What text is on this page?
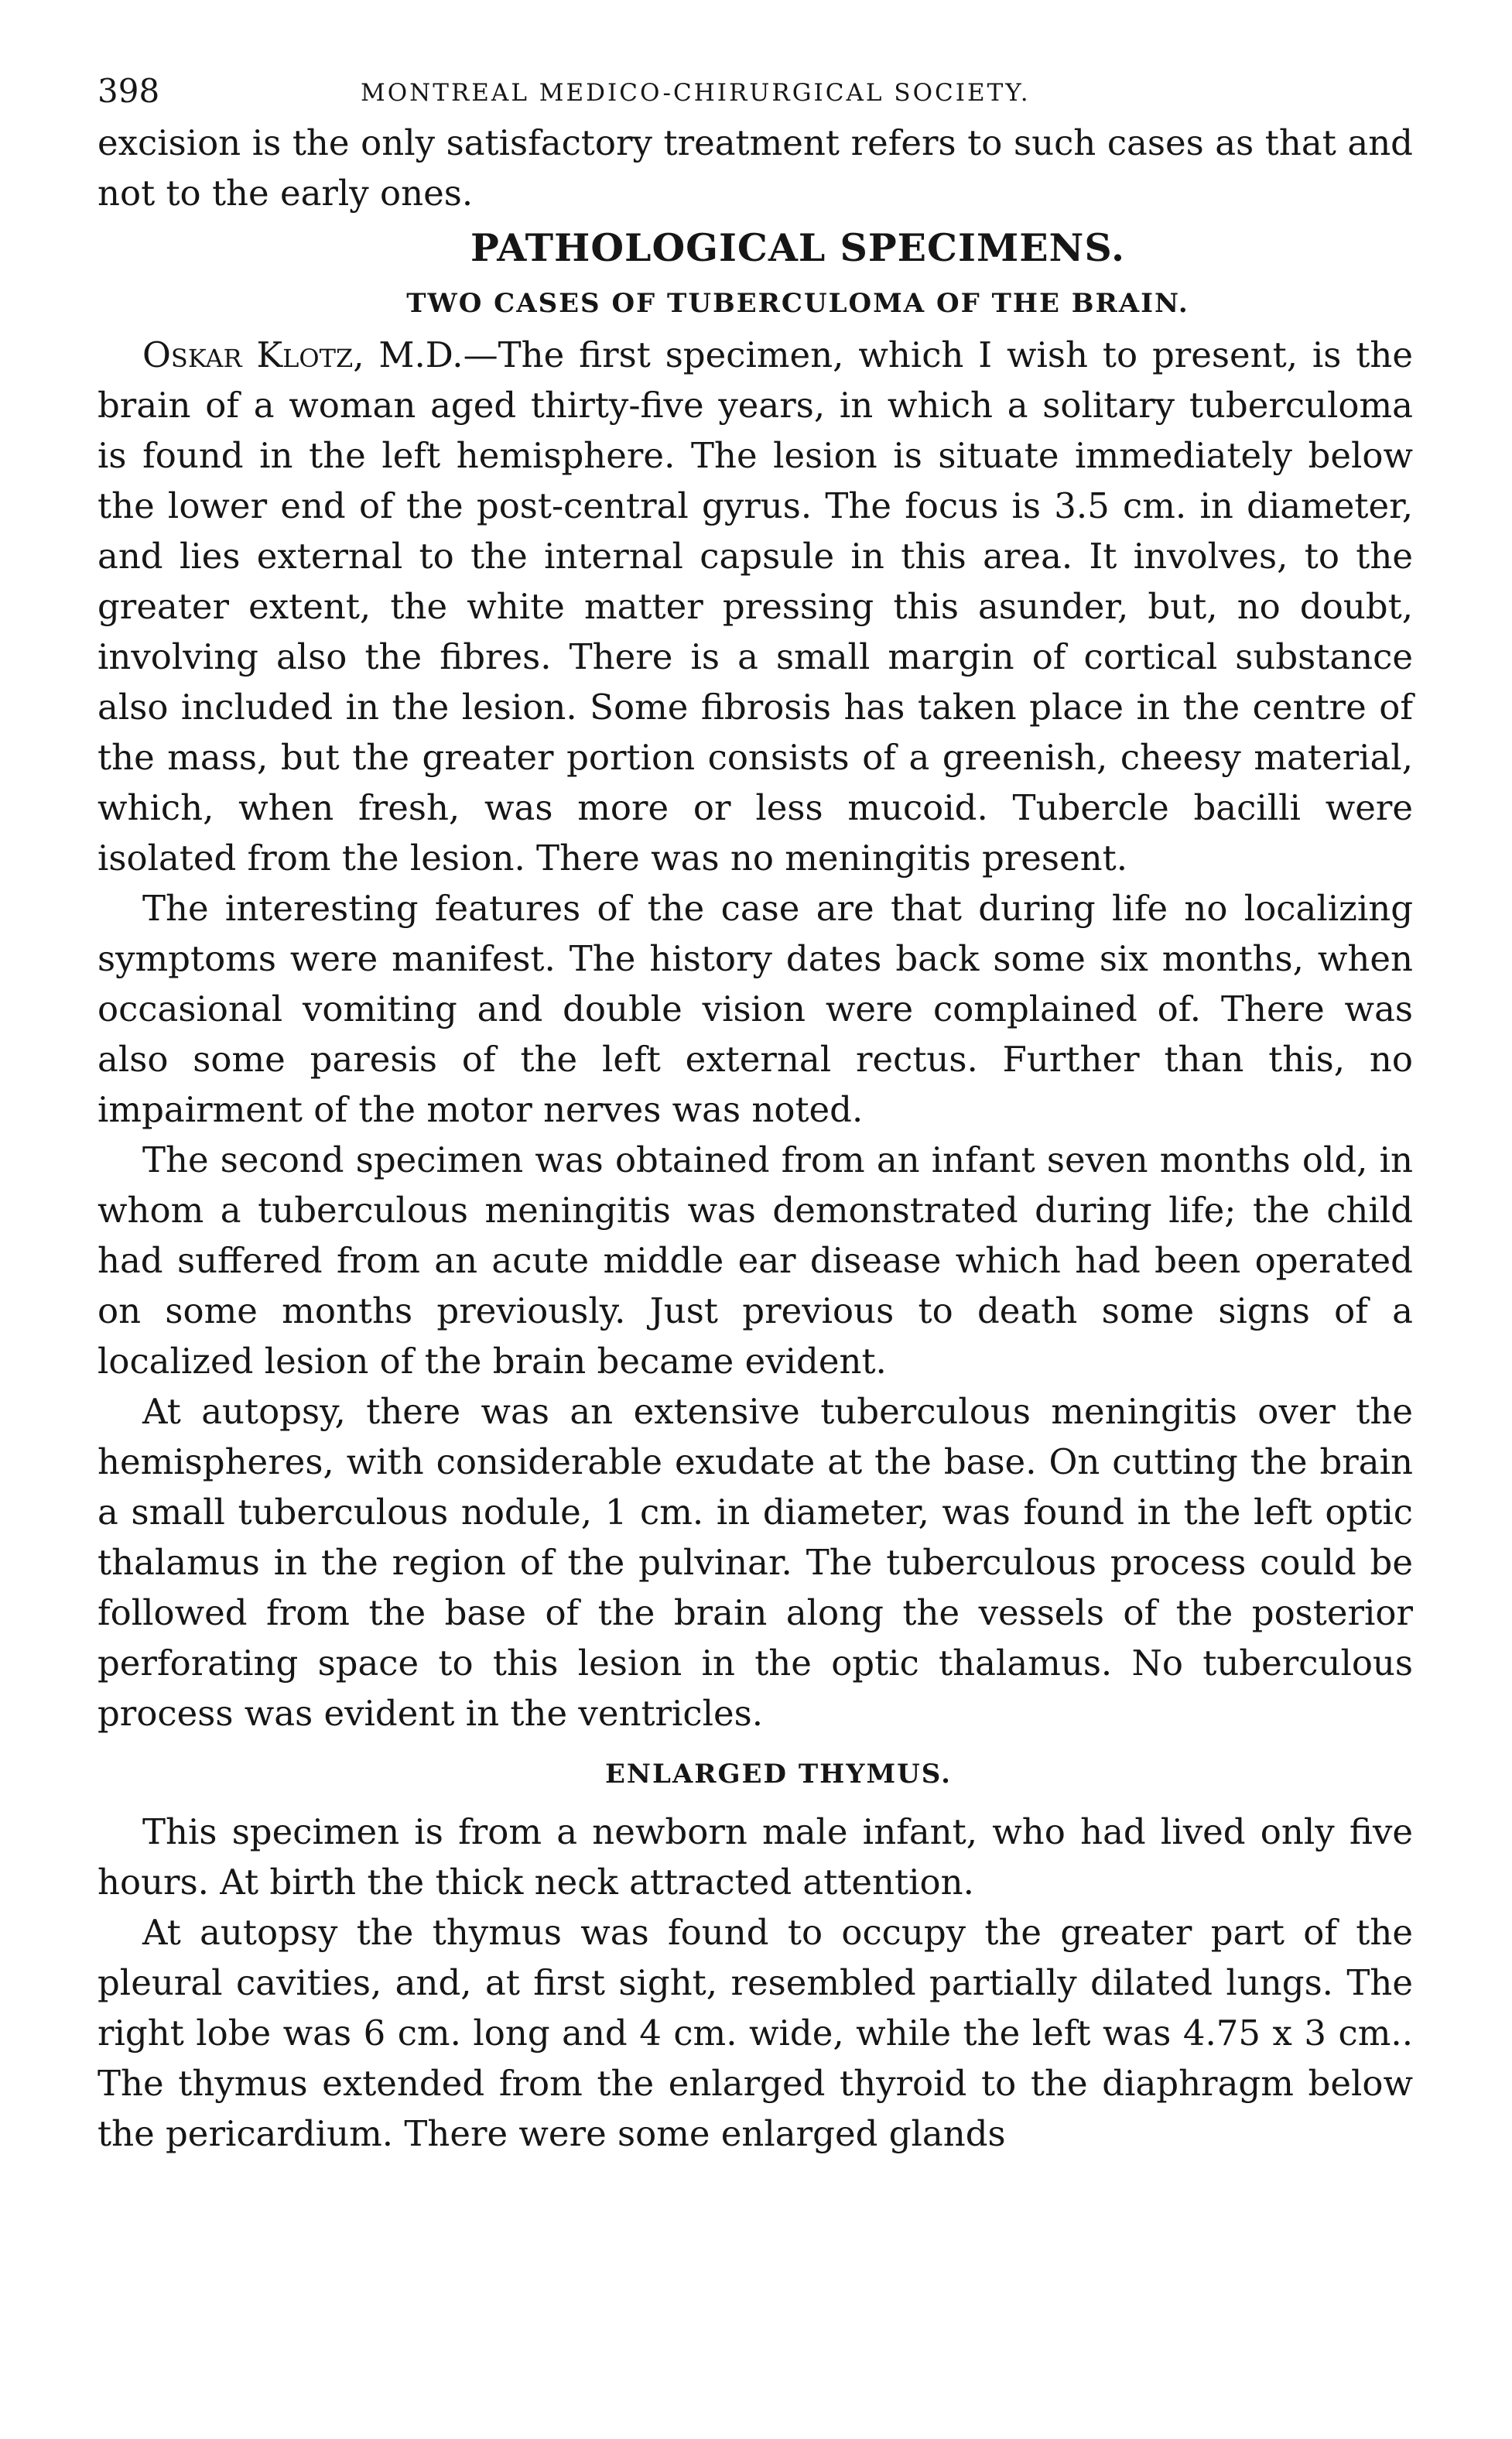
398	MONTREAL MEDICO-CHIRURGICAL SOCIETY.

excision is the only satisfactory treatment refers to such cases as that and not to the early ones.

PATHOLOGICAL SPECIMENS.
TWO CASES OF TUBERCULOMA OF THE BRAIN.

Oskar Klotz, M.D.—The first specimen, which I wish to present, is the brain of a woman aged thirty-five years, in which a solitary tuberculoma is found in the left hemisphere. The lesion is situate immediately below the lower end of the post-central gyrus. The focus is 3.5 cm. in diameter, and lies external to the internal capsule in this area. It involves, to the greater extent, the white matter pressing this asunder, but, no doubt, involving also the fibres. There is a small margin of cortical substance also included in the lesion. Some fibrosis has taken place in the centre of the mass, but the greater portion consists of a greenish, cheesy material, which, when fresh, was more or less mucoid. Tubercle bacilli were isolated from the lesion. There was no meningitis present.

The interesting features of the case are that during life no localizing symptoms were manifest. The history dates back some six months, when occasional vomiting and double vision were complained of. There was also some paresis of the left external rectus. Further than this, no impairment of the motor nerves was noted.

The second specimen was obtained from an infant seven months old, in whom a tuberculous meningitis was demonstrated during life; the child had suffered from an acute middle ear disease which had been operated on some months previously. Just previous to death some signs of a localized lesion of the brain became evident.

At autopsy, there was an extensive tuberculous meningitis over the hemispheres, with considerable exudate at the base. On cutting the brain a small tuberculous nodule, 1 cm. in diameter, was found in the left optic thalamus in the region of the pulvinar. The tuberculous process could be followed from the base of the brain along the vessels of the posterior perforating space to this lesion in the optic thalamus. No tuberculous process was evident in the ventricles.

ENLARGED THYMUS.

This specimen is from a newborn male infant, who had lived only five hours. At birth the thick neck attracted attention.

At autopsy the thymus was found to occupy the greater part of the pleural cavities, and, at first sight, resembled partially dilated lungs. The right lobe was 6 cm. long and 4 cm. wide, while the left was 4.75 x 3 cm.. The thymus extended from the enlarged thyroid to the diaphragm below the pericardium. There were some enlarged glands
